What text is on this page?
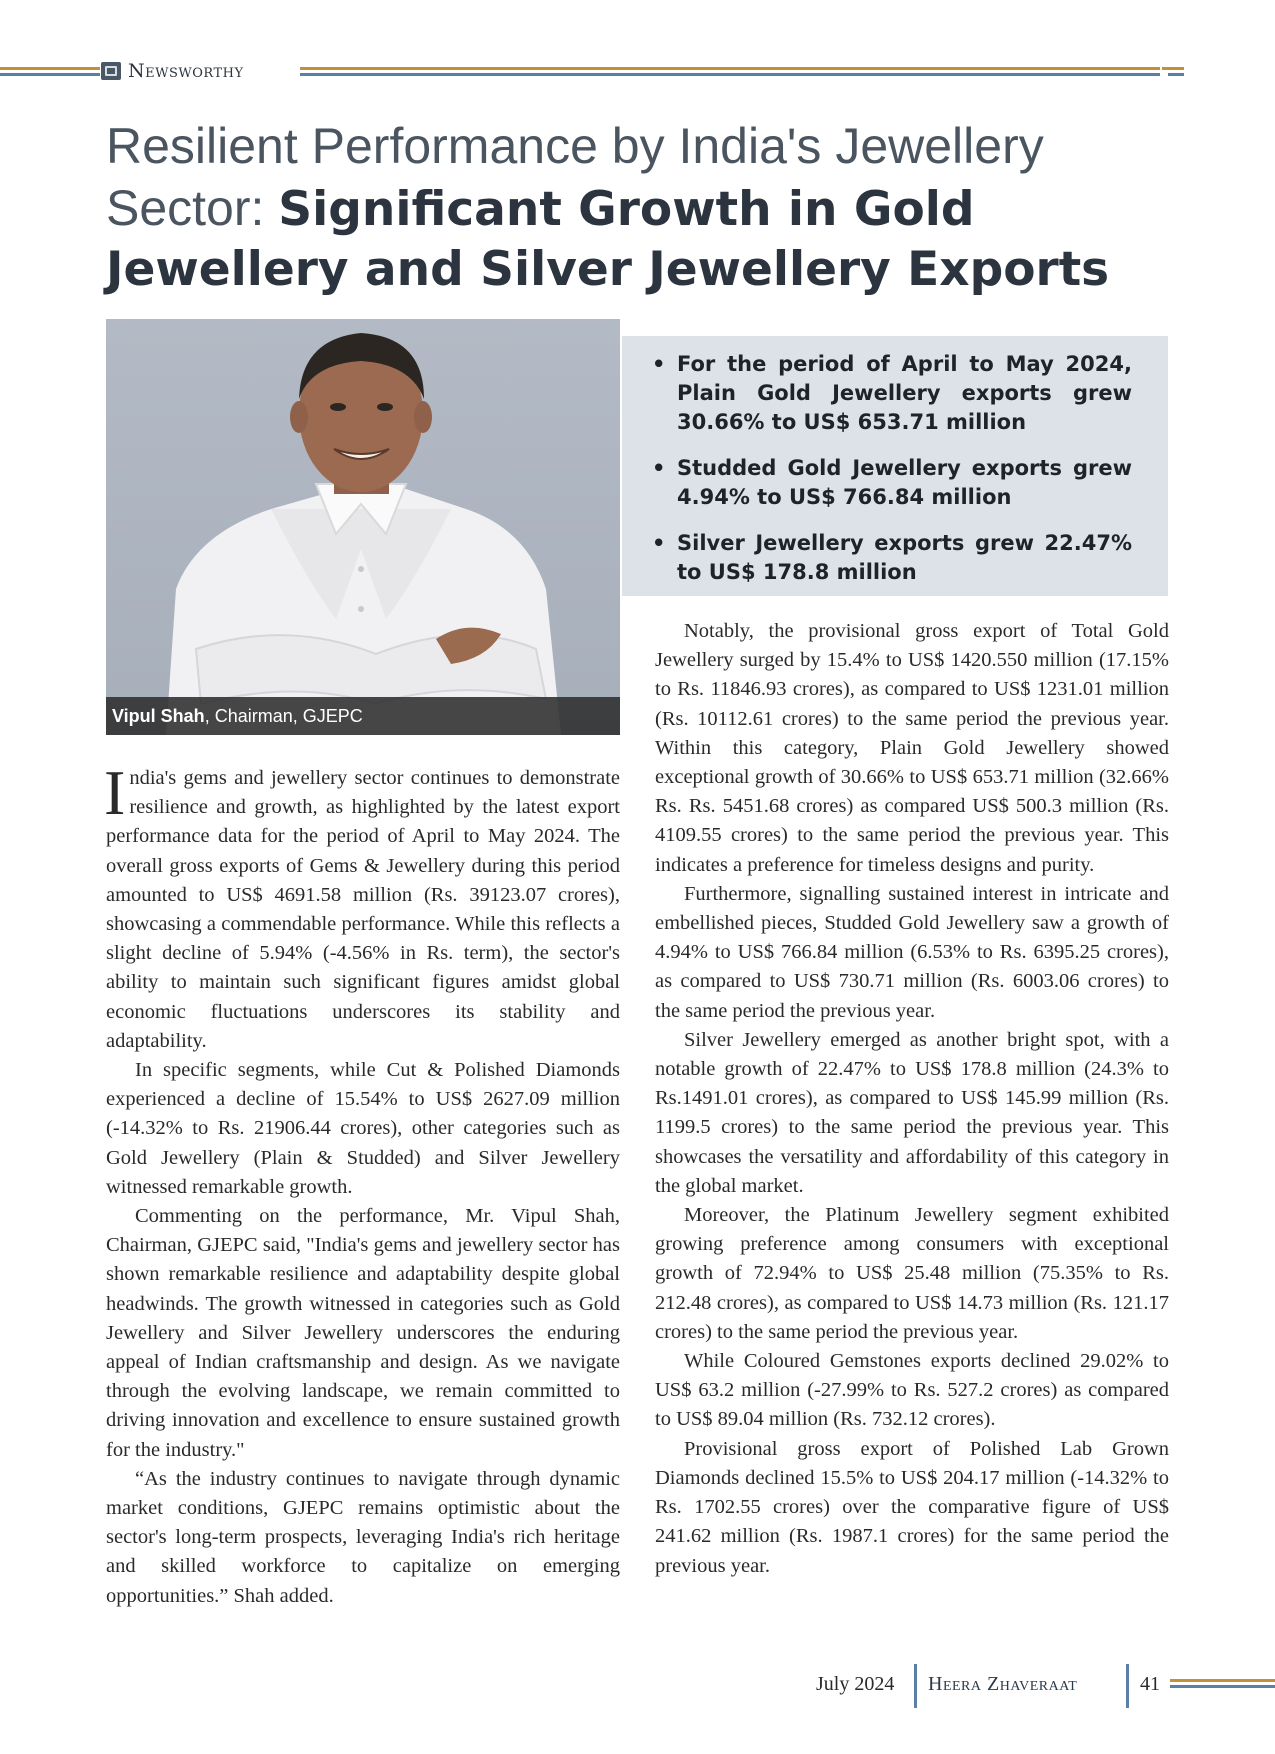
Newsworthy
Resilient Performance by India's Jewellery Sector: Significant Growth in Gold Jewellery and Silver Jewellery Exports
Vipul Shah , Chairman, GJEPC
• For the period of April to May 2024, Plain Gold Jewellery exports grew 30.66% to US$ 653.71 million
• Studded Gold Jewellery exports grew 4.94% to US$ 766.84 million
• Silver Jewellery exports grew 22.47% to US$ 178.8 million

India's gems and jewellery sector continues to demonstrate resilience and growth, as highlighted by the latest export performance data for the period of April to May 2024. The overall gross exports of Gems & Jewellery during this period amounted to US$ 4691.58 million (Rs. 39123.07 crores), showcasing a commendable performance. While this reflects a slight decline of 5.94% (-4.56% in Rs. term), the sector's ability to maintain such significant figures amidst global economic fluctuations underscores its stability and adaptability.

In specific segments, while Cut & Polished Diamonds experienced a decline of 15.54% to US$ 2627.09 million (-14.32% to Rs. 21906.44 crores), other categories such as Gold Jewellery (Plain & Studded) and Silver Jewellery witnessed remarkable growth.

Commenting on the performance, Mr. Vipul Shah, Chairman, GJEPC said, "India's gems and jewellery sector has shown remarkable resilience and adaptability despite global headwinds. The growth witnessed in categories such as Gold Jewellery and Silver Jewellery underscores the enduring appeal of Indian craftsmanship and design. As we navigate through the evolving landscape, we remain committed to driving innovation and excellence to ensure sustained growth for the industry."

“As the industry continues to navigate through dynamic market conditions, GJEPC remains optimistic about the sector's long-term prospects, leveraging India's rich heritage and skilled workforce to capitalize on emerging opportunities.” Shah added.

Notably, the provisional gross export of Total Gold Jewellery surged by 15.4% to US$ 1420.550 million (17.15% to Rs. 11846.93 crores), as compared to US$ 1231.01 million (Rs. 10112.61 crores) to the same period the previous year. Within this category, Plain Gold Jewellery showed exceptional growth of 30.66% to US$ 653.71 million (32.66% Rs. Rs. 5451.68 crores) as compared US$ 500.3 million (Rs. 4109.55 crores) to the same period the previous year. This indicates a preference for timeless designs and purity.

Furthermore, signalling sustained interest in intricate and embellished pieces, Studded Gold Jewellery saw a growth of 4.94% to US$ 766.84 million (6.53% to Rs. 6395.25 crores), as compared to US$ 730.71 million (Rs. 6003.06 crores) to the same period the previous year.

Silver Jewellery emerged as another bright spot, with a notable growth of 22.47% to US$ 178.8 million (24.3% to Rs.1491.01 crores), as compared to US$ 145.99 million (Rs. 1199.5 crores) to the same period the previous year. This showcases the versatility and affordability of this category in the global market.

Moreover, the Platinum Jewellery segment exhibited growing preference among consumers with exceptional growth of 72.94% to US$ 25.48 million (75.35% to Rs. 212.48 crores), as compared to US$ 14.73 million (Rs. 121.17 crores) to the same period the previous year.

While Coloured Gemstones exports declined 29.02% to US$ 63.2 million (-27.99% to Rs. 527.2 crores) as compared to US$ 89.04 million (Rs. 732.12 crores).

Provisional gross export of Polished Lab Grown Diamonds declined 15.5% to US$ 204.17 million (-14.32% to Rs. 1702.55 crores) over the comparative figure of US$ 241.62 million (Rs. 1987.1 crores) for the same period the previous year.

July 2024 Heera Zhaveraat	41
